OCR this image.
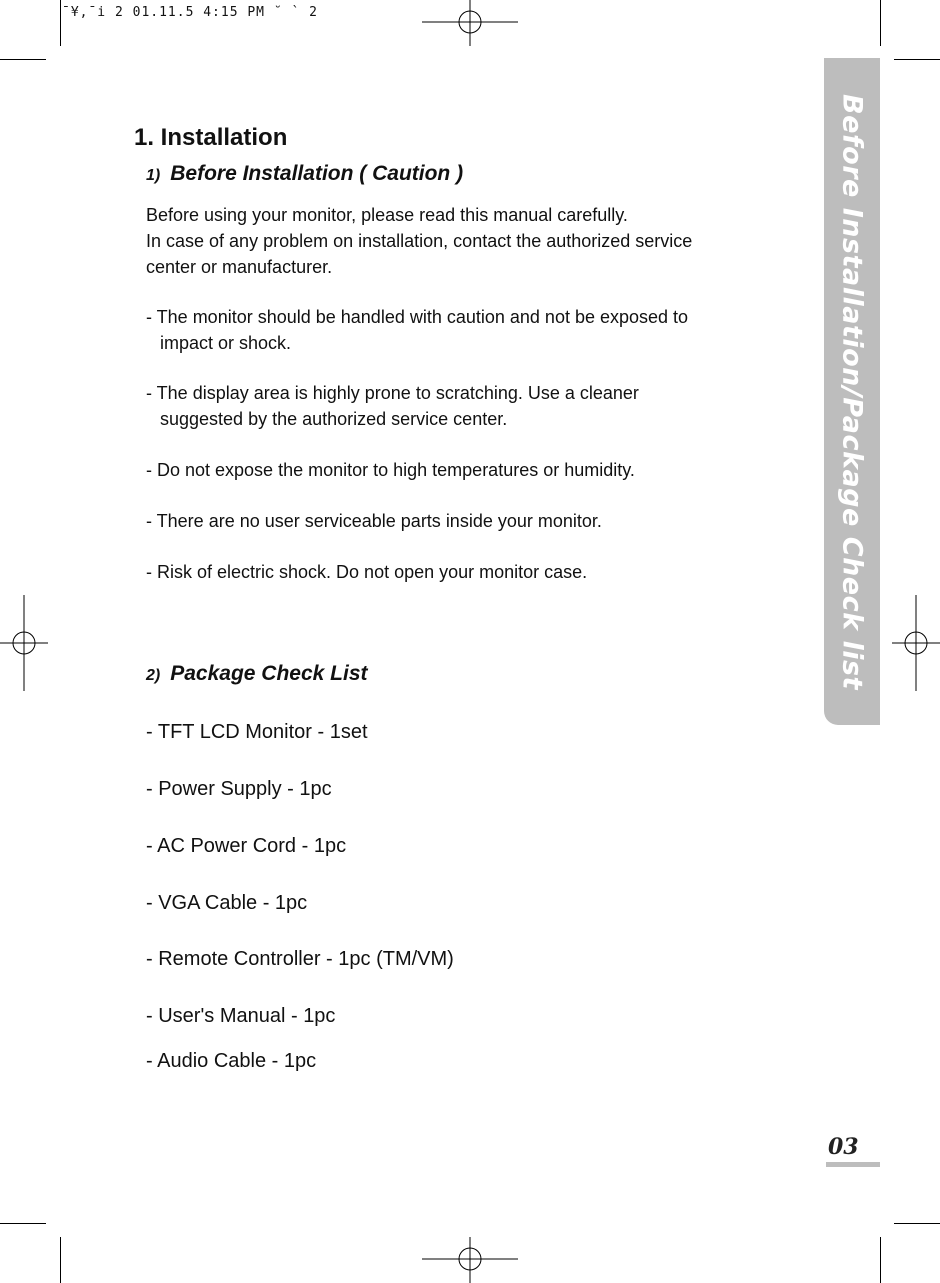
¯¥,¯i 2 01.11.5 4:15 PM ˘ ` 2
Before Installation/Package Check list
1. Installation
1) Before Installation ( Caution )
Before using your monitor, please read this manual carefully.
In case of any problem on installation, contact the authorized service
center or manufacturer.
- The monitor should be handled with caution and not be exposed to
impact or shock.
- The display area is highly prone to scratching. Use a cleaner
suggested by the authorized service center.
- Do not expose the monitor to high temperatures or humidity.
- There are no user serviceable parts inside your monitor.
- Risk of electric shock. Do not open your monitor case.
2) Package Check List
- TFT LCD Monitor - 1set
- Power Supply - 1pc
- AC Power Cord - 1pc
- VGA Cable - 1pc
- Remote Controller - 1pc (TM/VM)
- User's Manual - 1pc
- Audio Cable - 1pc
03
